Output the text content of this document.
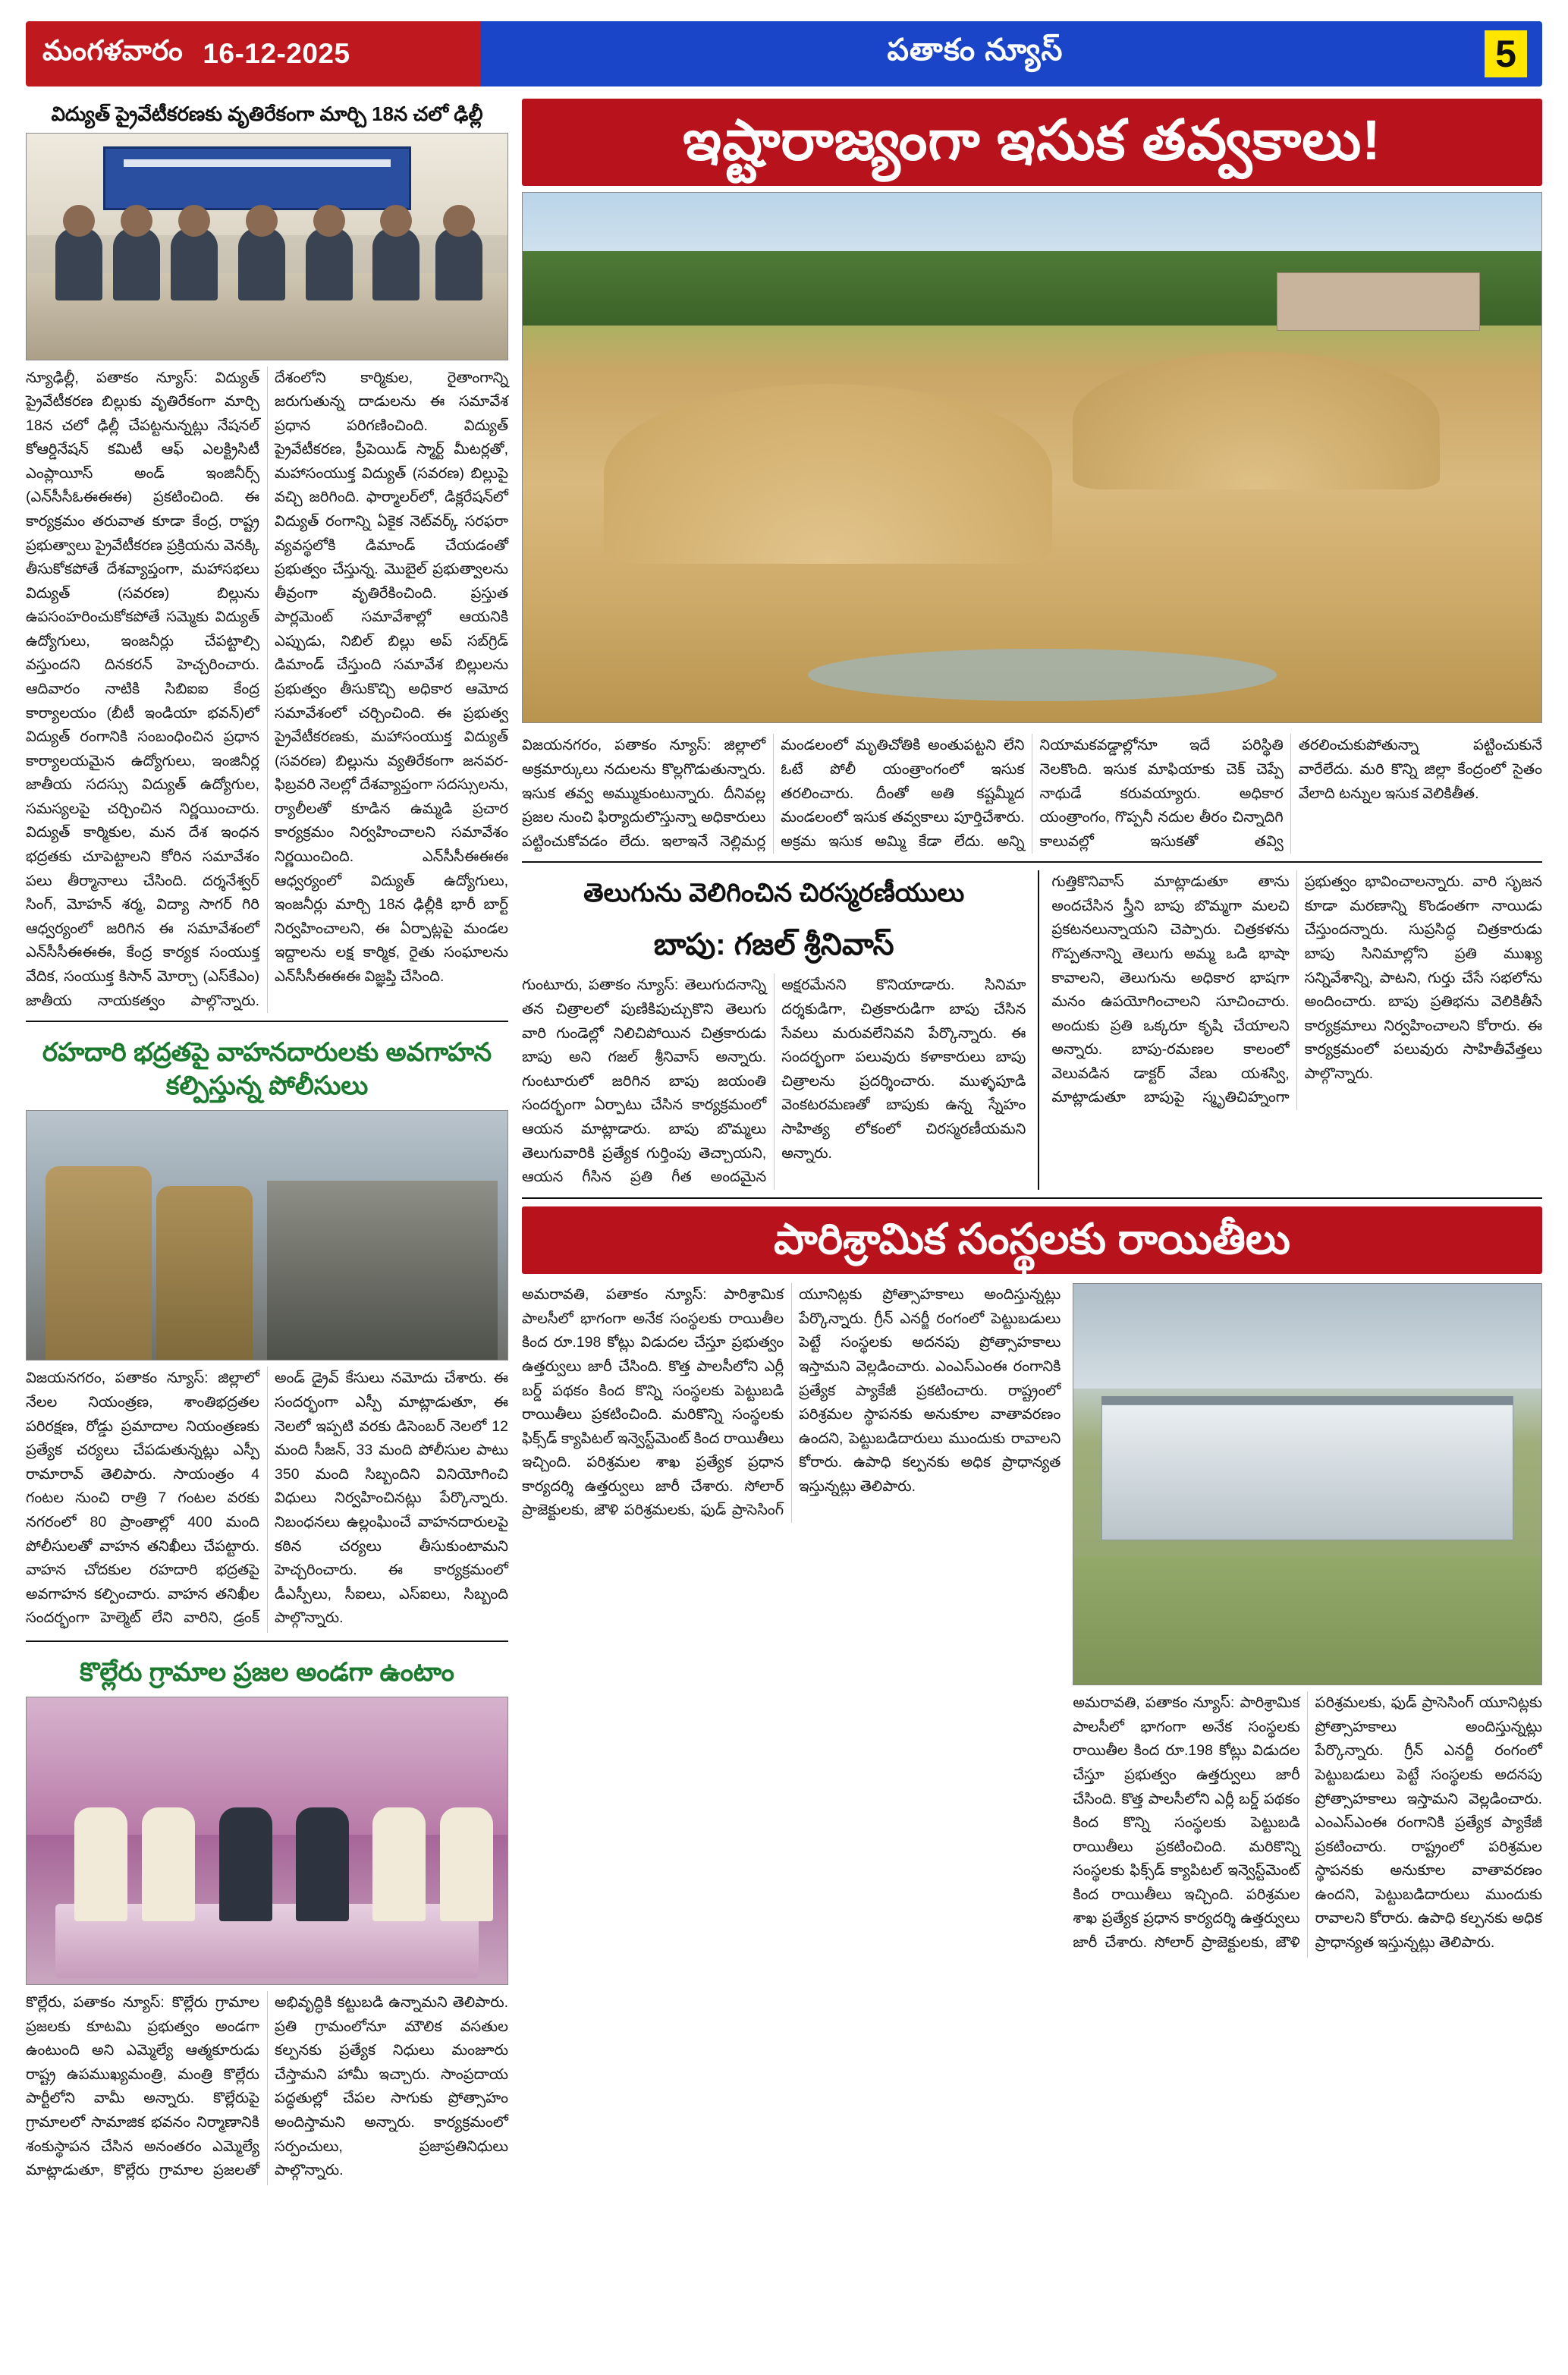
మంగళవారం 16-12-2025	పతాకం న్యూస్	5
విద్యుత్ ప్రైవేటీకరణకు వృతిరేకంగా మార్చి 18న చలో ఢిల్లీ

న్యూఢిల్లీ, పతాకం న్యూస్: విద్యుత్ ప్రైవేటీకరణ బిల్లుకు వృతిరేకంగా మార్చి 18న చలో ఢిల్లీ చేపట్టనున్నట్లు నేషనల్ కోఆర్డినేషన్ కమిటీ ఆఫ్ ఎలక్ట్రిసిటీ ఎంప్లాయీస్ అండ్ ఇంజినీర్స్ (ఎన్‌సీసీఓఈఈఈ) ప్రకటించింది. ఈ కార్యక్రమం తరువాత కూడా కేంద్ర, రాష్ట్ర ప్రభుత్వాలు ప్రైవేటీకరణ ప్రక్రియను వెనక్కి తీసుకోకపోతే దేశవ్యాప్తంగా, మహాసభలు విద్యుత్ (సవరణ) బిల్లును ఉపసంహరించుకోకపోతే సమ్మెకు విద్యుత్ ఉద్యోగులు, ఇంజనీర్లు చేపట్టాల్సి వస్తుందని దినకరన్ హెచ్చరించారు. ఆదివారం నాటికి సిబిఐఐ కేంద్ర కార్యాలయం (బీటీ ఇండియా భవన్)లో విద్యుత్ రంగానికి సంబంధించిన ప్రధాన కార్యాలయమైన ఉద్యోగులు, ఇంజినీర్ల జాతీయ సదస్సు విద్యుత్ ఉద్యోగుల, సమస్యలపై చర్చించిన నిర్ణయించారు. విద్యుత్ కార్మికుల, మన దేశ ఇంధన భద్రతకు చూపెట్టాలని కోరిన సమావేశం పలు తీర్మానాలు చేసింది. దర్శనేశ్వర్ సింగ్, మోహన్ శర్మ, విద్యా సాగర్ గిరి ఆధ్వర్యంలో జరిగిన ఈ సమావేశంలో ఎన్‌సీసీఈఈఈ, కేంద్ర కార్యక సంయుక్త వేదిక, సంయుక్త కిసాన్ మోర్చా (ఎస్‌కేఎం) జాతీయ నాయకత్వం పాల్గొన్నారు. దేశంలోని కార్మికుల, రైతాంగాన్ని జరుగుతున్న దాడులను ఈ సమావేశ ప్రధాన పరిగణించింది. విద్యుత్ ప్రైవేటీకరణ, ప్రీపెయిడ్ స్మార్ట్ మీటర్లతో, మహాసంయుక్త విద్యుత్ (సవరణ) బిల్లుపై వచ్చి జరిగింది. ఫార్మాలర్‌లో, డిక్లరేషన్‌లో విద్యుత్ రంగాన్ని ఏకైక నెట్‌వర్క్ సరఫరా వ్యవస్థలోకి డిమాండ్ చేయడంతో ప్రభుత్వం చేస్తున్న. మొబైల్ ప్రభుత్వాలను తీవ్రంగా వృతిరేకించింది. ప్రస్తుత పార్లమెంట్ సమావేశాల్లో ఆయనికి ఎప్పుడు, నిబిల్ బిల్లు అప్ సబ్‌గ్రిడ్ డిమాండ్ చేస్తుంది సమావేశ బిల్లులను ప్రభుత్వం తీసుకొచ్చి అధికార ఆమోద సమావేశంలో చర్చించింది. ఈ ప్రభుత్వ ప్రైవేటీకరణకు, మహాసంయుక్త విద్యుత్ (సవరణ) బిల్లును వ్యతిరేకంగా జనవర-ఫిబ్రవరి నెలల్లో దేశవ్యాప్తంగా సదస్సులను, ర్యాలీలతో కూడిన ఉమ్మడి ప్రచార కార్యక్రమం నిర్వహించాలని సమావేశం నిర్ణయించింది. ఎన్‌సీసీఈఈఈ ఆధ్వర్యంలో విద్యుత్ ఉద్యోగులు, ఇంజనీర్లు మార్చి 18న ఢిల్లీకి భారీ బార్ట్ నిర్వహించాలని, ఈ ఏర్పాట్లపై మండల ఇద్దాలను లక్ష కార్మిక, రైతు సంఘాలను ఎన్‌సీసీఈఈఈ విజ్ఞప్తి చేసింది.

రహదారి భద్రతపై వాహనదారులకు అవగాహన కల్పిస్తున్న పోలీసులు

విజయనగరం, పతాకం న్యూస్: జిల్లాలో నేలల నియంత్రణ, శాంతిభద్రతల పరిరక్షణ, రోడ్డు ప్రమాదాల నియంత్రణకు ప్రత్యేక చర్యలు చేపడుతున్నట్లు ఎస్పీ రామారావ్ తెలిపారు. సాయంత్రం 4 గంటల నుంచి రాత్రి 7 గంటల వరకు నగరంలో 80 ప్రాంతాల్లో 400 మంది పోలీసులతో వాహన తనిఖీలు చేపట్టారు. వాహన చోదకుల రహదారి భద్రతపై అవగాహన కల్పించారు. వాహన తనిఖీల సందర్భంగా హెల్మెట్ లేని వారిని, డ్రంక్ అండ్ డ్రైవ్ కేసులు నమోదు చేశారు. ఈ సందర్భంగా ఎస్పీ మాట్లాడుతూ, ఈ నెలలో ఇప్పటి వరకు డిసెంబర్ నెలలో 12 మంది సీజన్, 33 మంది పోలీసుల పాటు 350 మంది సిబ్బందిని వినియోగించి విధులు నిర్వహించినట్లు పేర్కొన్నారు. నిబంధనలు ఉల్లంఘించే వాహనదారులపై కఠిన చర్యలు తీసుకుంటామని హెచ్చరించారు. ఈ కార్యక్రమంలో డీఎస్పీలు, సీఐలు, ఎస్‌ఐలు, సిబ్బంది పాల్గొన్నారు.

కొల్లేరు గ్రామాల ప్రజల అండగా ఉంటాం

కొల్లేరు, పతాకం న్యూస్: కొల్లేరు గ్రామాల ప్రజలకు కూటమి ప్రభుత్వం అండగా ఉంటుంది అని ఎమ్మెల్యే ఆత్మకూరుడు రాష్ట్ర ఉపముఖ్యమంత్రి, మంత్రి కొల్లేరు పార్టీలోని వామీ అన్నారు. కొల్లేరుపై గ్రామాలలో సామాజిక భవనం నిర్మాణానికి శంకుస్థాపన చేసిన అనంతరం ఎమ్మెల్యే మాట్లాడుతూ, కొల్లేరు గ్రామాల ప్రజలతో అభివృద్ధికి కట్టుబడి ఉన్నామని తెలిపారు. ప్రతి గ్రామంలోనూ మౌలిక వసతుల కల్పనకు ప్రత్యేక నిధులు మంజూరు చేస్తామని హామీ ఇచ్చారు. సాంప్రదాయ పద్ధతుల్లో చేపల సాగుకు ప్రోత్సాహం అందిస్తామని అన్నారు. కార్యక్రమంలో సర్పంచులు, ప్రజాప్రతినిధులు పాల్గొన్నారు.

ఇష్టారాజ్యంగా ఇసుక తవ్వకాలు!

విజయనగరం, పతాకం న్యూస్: జిల్లాలో అక్రమార్కులు నదులను కొల్లగొడుతున్నారు. ఇసుక తవ్వ అమ్ముకుంటున్నారు. దీనివల్ల ప్రజల నుంచి ఫిర్యాదులొస్తున్నా అధికారులు పట్టించుకోవడం లేదు. ఇలాఇనే నెల్లిమర్ల మండలంలో మృతిచోతికి అంతుపట్టని లేని ఓటే పోలీ యంత్రాంగంలో ఇసుక తరలించారు. దీంతో అతి కష్టమ్మీద మండలంలో ఇసుక తవ్వకాలు పూర్తిచేశారు. అక్రమ ఇసుక అమ్మి కేడా లేదు. అన్ని నియామకవడ్డాల్లోనూ ఇదే పరిస్థితి నెలకొంది. ఇసుక మాఫియాకు చెక్ చెప్పే నాథుడే కరువయ్యారు. అధికార యంత్రాంగం, గొప్పనీ నదుల తీరం చిన్నాదిగి కాలువల్లో ఇసుకతో తవ్వి తరలించుకుపోతున్నా పట్టించుకునే వారేలేదు. మరి కొన్ని జిల్లా కేంద్రంలో సైతం వేలాది టన్నుల ఇసుక వెలికితీత.

తెలుగును వెలిగించిన చిరస్మరణీయులు
బాపు: గజల్ శ్రీనివాస్

గుంటూరు, పతాకం న్యూస్: తెలుగుదనాన్ని తన చిత్రాలలో పుణికిపుచ్చుకొని తెలుగు వారి గుండెల్లో నిలిచిపోయిన చిత్రకారుడు బాపు అని గజల్ శ్రీనివాస్ అన్నారు. గుంటూరులో జరిగిన బాపు జయంతి సందర్భంగా ఏర్పాటు చేసిన కార్యక్రమంలో ఆయన మాట్లాడారు. బాపు బొమ్మలు తెలుగువారికి ప్రత్యేక గుర్తింపు తెచ్చాయని, ఆయన గీసిన ప్రతి గీత అందమైన అక్షరమేనని కొనియాడారు. సినిమా దర్శకుడిగా, చిత్రకారుడిగా బాపు చేసిన సేవలు మరువలేనివని పేర్కొన్నారు. ఈ సందర్భంగా పలువురు కళాకారులు బాపు చిత్రాలను ప్రదర్శించారు. ముళ్ళపూడి వెంకటరమణతో బాపుకు ఉన్న స్నేహం సాహిత్య లోకంలో చిరస్మరణీయమని అన్నారు.

గుత్తికొనివాస్ మాట్లాడుతూ తాను అందచేసిన స్త్రీని బాపు బొమ్మగా మలచి ప్రకటనలున్నాయని చెప్పారు. చిత్రకళను గొప్పతనాన్ని తెలుగు అమ్మ ఒడి భాషా కావాలని, తెలుగును అధికార భాషగా మనం ఉపయోగించాలని సూచించారు. అందుకు ప్రతి ఒక్కరూ కృషి చేయాలని అన్నారు. బాపు-రమణల కాలంలో వెలువడిన డాక్టర్ వేణు యశస్వి, మాట్లాడుతూ బాపుపై స్మృతిచిహ్నంగా ప్రభుత్వం భావించాలన్నారు. వారి సృజన కూడా మరణాన్ని కొండంతగా నాయిడు చేస్తుందన్నారు. సుప్రసిద్ధ చిత్రకారుడు బాపు సినిమాల్లోని ప్రతి ముఖ్య సన్నివేశాన్ని, పాటని, గుర్తు చేసే సభలోను అందించారు. బాపు ప్రతిభను వెలికితీసే కార్యక్రమాలు నిర్వహించాలని కోరారు. ఈ కార్యక్రమంలో పలువురు సాహితీవేత్తలు పాల్గొన్నారు.

పారిశ్రామిక సంస్థలకు రాయితీలు

అమరావతి, పతాకం న్యూస్: పారిశ్రామిక పాలసీలో భాగంగా అనేక సంస్థలకు రాయితీల కింద రూ.198 కోట్లు విడుదల చేస్తూ ప్రభుత్వం ఉత్తర్వులు జారీ చేసింది. కొత్త పాలసీలోని ఎర్లీ బర్డ్ పథకం కింద కొన్ని సంస్థలకు పెట్టుబడి రాయితీలు ప్రకటించింది. మరికొన్ని సంస్థలకు ఫిక్స్‌డ్ క్యాపిటల్ ఇన్వెస్ట్‌మెంట్ కింద రాయితీలు ఇచ్చింది. పరిశ్రమల శాఖ ప్రత్యేక ప్రధాన కార్యదర్శి ఉత్తర్వులు జారీ చేశారు. సోలార్ ప్రాజెక్టులకు, జౌళి పరిశ్రమలకు, ఫుడ్ ప్రాసెసింగ్ యూనిట్లకు ప్రోత్సాహకాలు అందిస్తున్నట్లు పేర్కొన్నారు. గ్రీన్ ఎనర్జీ రంగంలో పెట్టుబడులు పెట్టే సంస్థలకు అదనపు ప్రోత్సాహకాలు ఇస్తామని వెల్లడించారు. ఎంఎస్ఎంఈ రంగానికి ప్రత్యేక ప్యాకేజీ ప్రకటించారు. రాష్ట్రంలో పరిశ్రమల స్థాపనకు అనుకూల వాతావరణం ఉందని, పెట్టుబడిదారులు ముందుకు రావాలని కోరారు. ఉపాధి కల్పనకు అధిక ప్రాధాన్యత ఇస్తున్నట్లు తెలిపారు.

అమరావతి, పతాకం న్యూస్: పారిశ్రామిక పాలసీలో భాగంగా అనేక సంస్థలకు రాయితీల కింద రూ.198 కోట్లు విడుదల చేస్తూ ప్రభుత్వం ఉత్తర్వులు జారీ చేసింది. కొత్త పాలసీలోని ఎర్లీ బర్డ్ పథకం కింద కొన్ని సంస్థలకు పెట్టుబడి రాయితీలు ప్రకటించింది. మరికొన్ని సంస్థలకు ఫిక్స్‌డ్ క్యాపిటల్ ఇన్వెస్ట్‌మెంట్ కింద రాయితీలు ఇచ్చింది. పరిశ్రమల శాఖ ప్రత్యేక ప్రధాన కార్యదర్శి ఉత్తర్వులు జారీ చేశారు. సోలార్ ప్రాజెక్టులకు, జౌళి పరిశ్రమలకు, ఫుడ్ ప్రాసెసింగ్ యూనిట్లకు ప్రోత్సాహకాలు అందిస్తున్నట్లు పేర్కొన్నారు. గ్రీన్ ఎనర్జీ రంగంలో పెట్టుబడులు పెట్టే సంస్థలకు అదనపు ప్రోత్సాహకాలు ఇస్తామని వెల్లడించారు. ఎంఎస్ఎంఈ రంగానికి ప్రత్యేక ప్యాకేజీ ప్రకటించారు. రాష్ట్రంలో పరిశ్రమల స్థాపనకు అనుకూల వాతావరణం ఉందని, పెట్టుబడిదారులు ముందుకు రావాలని కోరారు. ఉపాధి కల్పనకు అధిక ప్రాధాన్యత ఇస్తున్నట్లు తెలిపారు.
